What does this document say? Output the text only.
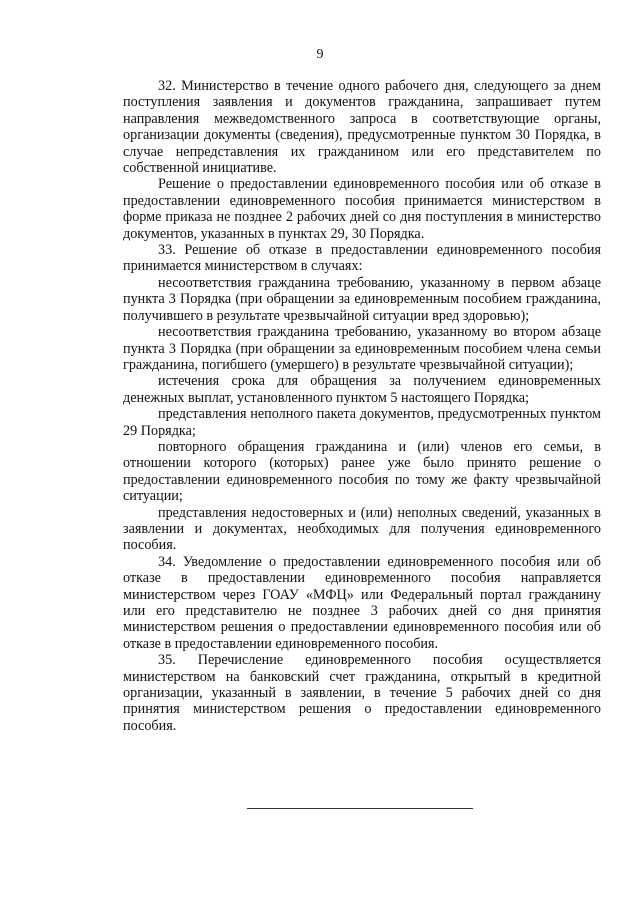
9

32. Министерство в течение одного рабочего дня, следующего за днем поступления заявления и документов гражданина, запрашивает путем направления межведомственного запроса в соответствующие органы, организации документы (сведения), предусмотренные пунктом 30 Порядка, в случае непредставления их гражданином или его представителем по собственной инициативе.

Решение о предоставлении единовременного пособия или об отказе в предоставлении единовременного пособия принимается министерством в форме приказа не позднее 2 рабочих дней со дня поступления в министерство документов, указанных в пунктах 29, 30 Порядка.

33. Решение об отказе в предоставлении единовременного пособия принимается министерством в случаях:

несоответствия гражданина требованию, указанному в первом абзаце пункта 3 Порядка (при обращении за единовременным пособием гражданина, получившего в результате чрезвычайной ситуации вред здоровью);

несоответствия гражданина требованию, указанному во втором абзаце пункта 3 Порядка (при обращении за единовременным пособием члена семьи гражданина, погибшего (умершего) в результате чрезвычайной ситуации);

истечения срока для обращения за получением единовременных денежных выплат, установленного пунктом 5 настоящего Порядка;

представления неполного пакета документов, предусмотренных пунктом 29 Порядка;

повторного обращения гражданина и (или) членов его семьи, в отношении которого (которых) ранее уже было принято решение о предоставлении единовременного пособия по тому же факту чрезвычайной ситуации;

представления недостоверных и (или) неполных сведений, указанных в заявлении и документах, необходимых для получения единовременного пособия.

34. Уведомление о предоставлении единовременного пособия или об отказе в предоставлении единовременного пособия направляется министерством через ГОАУ «МФЦ» или Федеральный портал гражданину или его представителю не позднее 3 рабочих дней со дня принятия министерством решения о предоставлении единовременного пособия или об отказе в предоставлении единовременного пособия.

35. Перечисление единовременного пособия осуществляется министерством на банковский счет гражданина, открытый в кредитной организации, указанный в заявлении, в течение 5 рабочих дней со дня принятия министерством решения о предоставлении единовременного пособия.
